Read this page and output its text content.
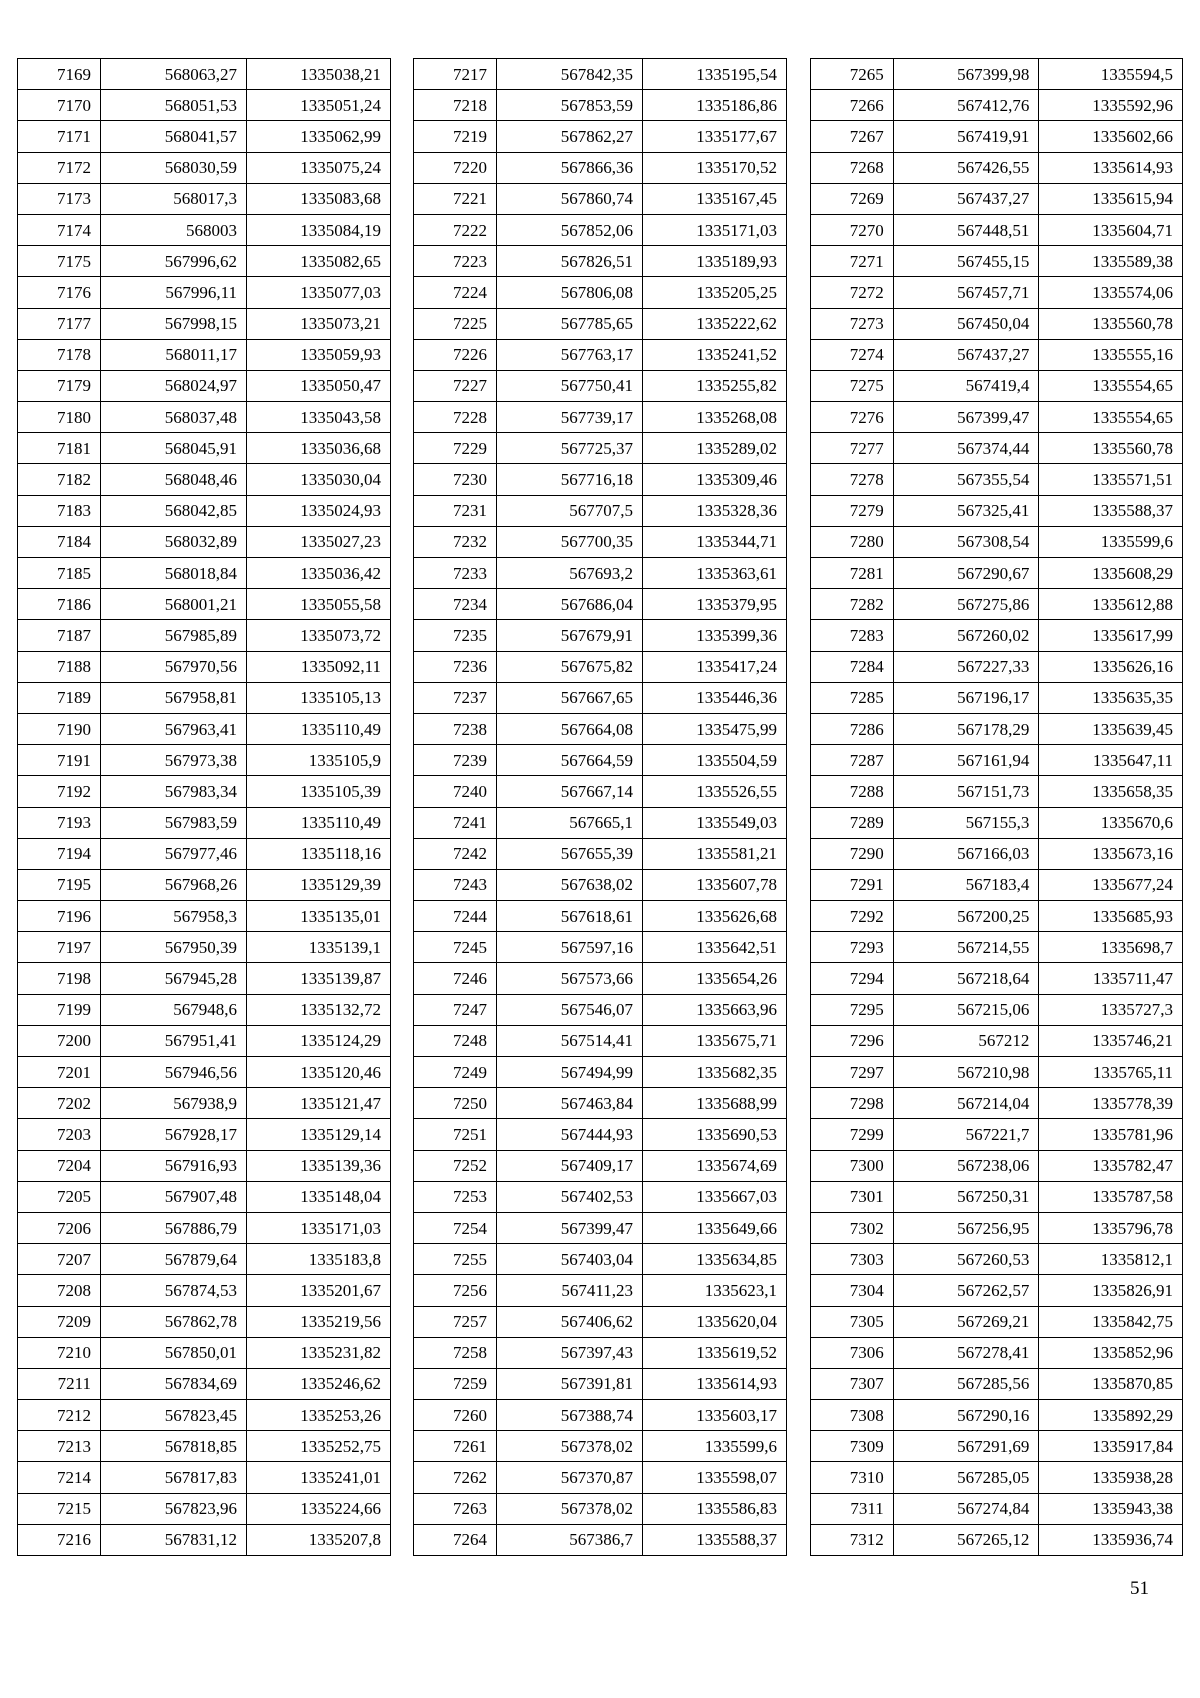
7169	568063,27	1335038,21
7170	568051,53	1335051,24
7171	568041,57	1335062,99
7172	568030,59	1335075,24
7173	568017,3	1335083,68
7174	568003	1335084,19
7175	567996,62	1335082,65
7176	567996,11	1335077,03
7177	567998,15	1335073,21
7178	568011,17	1335059,93
7179	568024,97	1335050,47
7180	568037,48	1335043,58
7181	568045,91	1335036,68
7182	568048,46	1335030,04
7183	568042,85	1335024,93
7184	568032,89	1335027,23
7185	568018,84	1335036,42
7186	568001,21	1335055,58
7187	567985,89	1335073,72
7188	567970,56	1335092,11
7189	567958,81	1335105,13
7190	567963,41	1335110,49
7191	567973,38	1335105,9
7192	567983,34	1335105,39
7193	567983,59	1335110,49
7194	567977,46	1335118,16
7195	567968,26	1335129,39
7196	567958,3	1335135,01
7197	567950,39	1335139,1
7198	567945,28	1335139,87
7199	567948,6	1335132,72
7200	567951,41	1335124,29
7201	567946,56	1335120,46
7202	567938,9	1335121,47
7203	567928,17	1335129,14
7204	567916,93	1335139,36
7205	567907,48	1335148,04
7206	567886,79	1335171,03
7207	567879,64	1335183,8
7208	567874,53	1335201,67
7209	567862,78	1335219,56
7210	567850,01	1335231,82
7211	567834,69	1335246,62
7212	567823,45	1335253,26
7213	567818,85	1335252,75
7214	567817,83	1335241,01
7215	567823,96	1335224,66
7216	567831,12	1335207,8
7217	567842,35	1335195,54
7218	567853,59	1335186,86
7219	567862,27	1335177,67
7220	567866,36	1335170,52
7221	567860,74	1335167,45
7222	567852,06	1335171,03
7223	567826,51	1335189,93
7224	567806,08	1335205,25
7225	567785,65	1335222,62
7226	567763,17	1335241,52
7227	567750,41	1335255,82
7228	567739,17	1335268,08
7229	567725,37	1335289,02
7230	567716,18	1335309,46
7231	567707,5	1335328,36
7232	567700,35	1335344,71
7233	567693,2	1335363,61
7234	567686,04	1335379,95
7235	567679,91	1335399,36
7236	567675,82	1335417,24
7237	567667,65	1335446,36
7238	567664,08	1335475,99
7239	567664,59	1335504,59
7240	567667,14	1335526,55
7241	567665,1	1335549,03
7242	567655,39	1335581,21
7243	567638,02	1335607,78
7244	567618,61	1335626,68
7245	567597,16	1335642,51
7246	567573,66	1335654,26
7247	567546,07	1335663,96
7248	567514,41	1335675,71
7249	567494,99	1335682,35
7250	567463,84	1335688,99
7251	567444,93	1335690,53
7252	567409,17	1335674,69
7253	567402,53	1335667,03
7254	567399,47	1335649,66
7255	567403,04	1335634,85
7256	567411,23	1335623,1
7257	567406,62	1335620,04
7258	567397,43	1335619,52
7259	567391,81	1335614,93
7260	567388,74	1335603,17
7261	567378,02	1335599,6
7262	567370,87	1335598,07
7263	567378,02	1335586,83
7264	567386,7	1335588,37
7265	567399,98	1335594,5
7266	567412,76	1335592,96
7267	567419,91	1335602,66
7268	567426,55	1335614,93
7269	567437,27	1335615,94
7270	567448,51	1335604,71
7271	567455,15	1335589,38
7272	567457,71	1335574,06
7273	567450,04	1335560,78
7274	567437,27	1335555,16
7275	567419,4	1335554,65
7276	567399,47	1335554,65
7277	567374,44	1335560,78
7278	567355,54	1335571,51
7279	567325,41	1335588,37
7280	567308,54	1335599,6
7281	567290,67	1335608,29
7282	567275,86	1335612,88
7283	567260,02	1335617,99
7284	567227,33	1335626,16
7285	567196,17	1335635,35
7286	567178,29	1335639,45
7287	567161,94	1335647,11
7288	567151,73	1335658,35
7289	567155,3	1335670,6
7290	567166,03	1335673,16
7291	567183,4	1335677,24
7292	567200,25	1335685,93
7293	567214,55	1335698,7
7294	567218,64	1335711,47
7295	567215,06	1335727,3
7296	567212	1335746,21
7297	567210,98	1335765,11
7298	567214,04	1335778,39
7299	567221,7	1335781,96
7300	567238,06	1335782,47
7301	567250,31	1335787,58
7302	567256,95	1335796,78
7303	567260,53	1335812,1
7304	567262,57	1335826,91
7305	567269,21	1335842,75
7306	567278,41	1335852,96
7307	567285,56	1335870,85
7308	567290,16	1335892,29
7309	567291,69	1335917,84
7310	567285,05	1335938,28
7311	567274,84	1335943,38
7312	567265,12	1335936,74
51
